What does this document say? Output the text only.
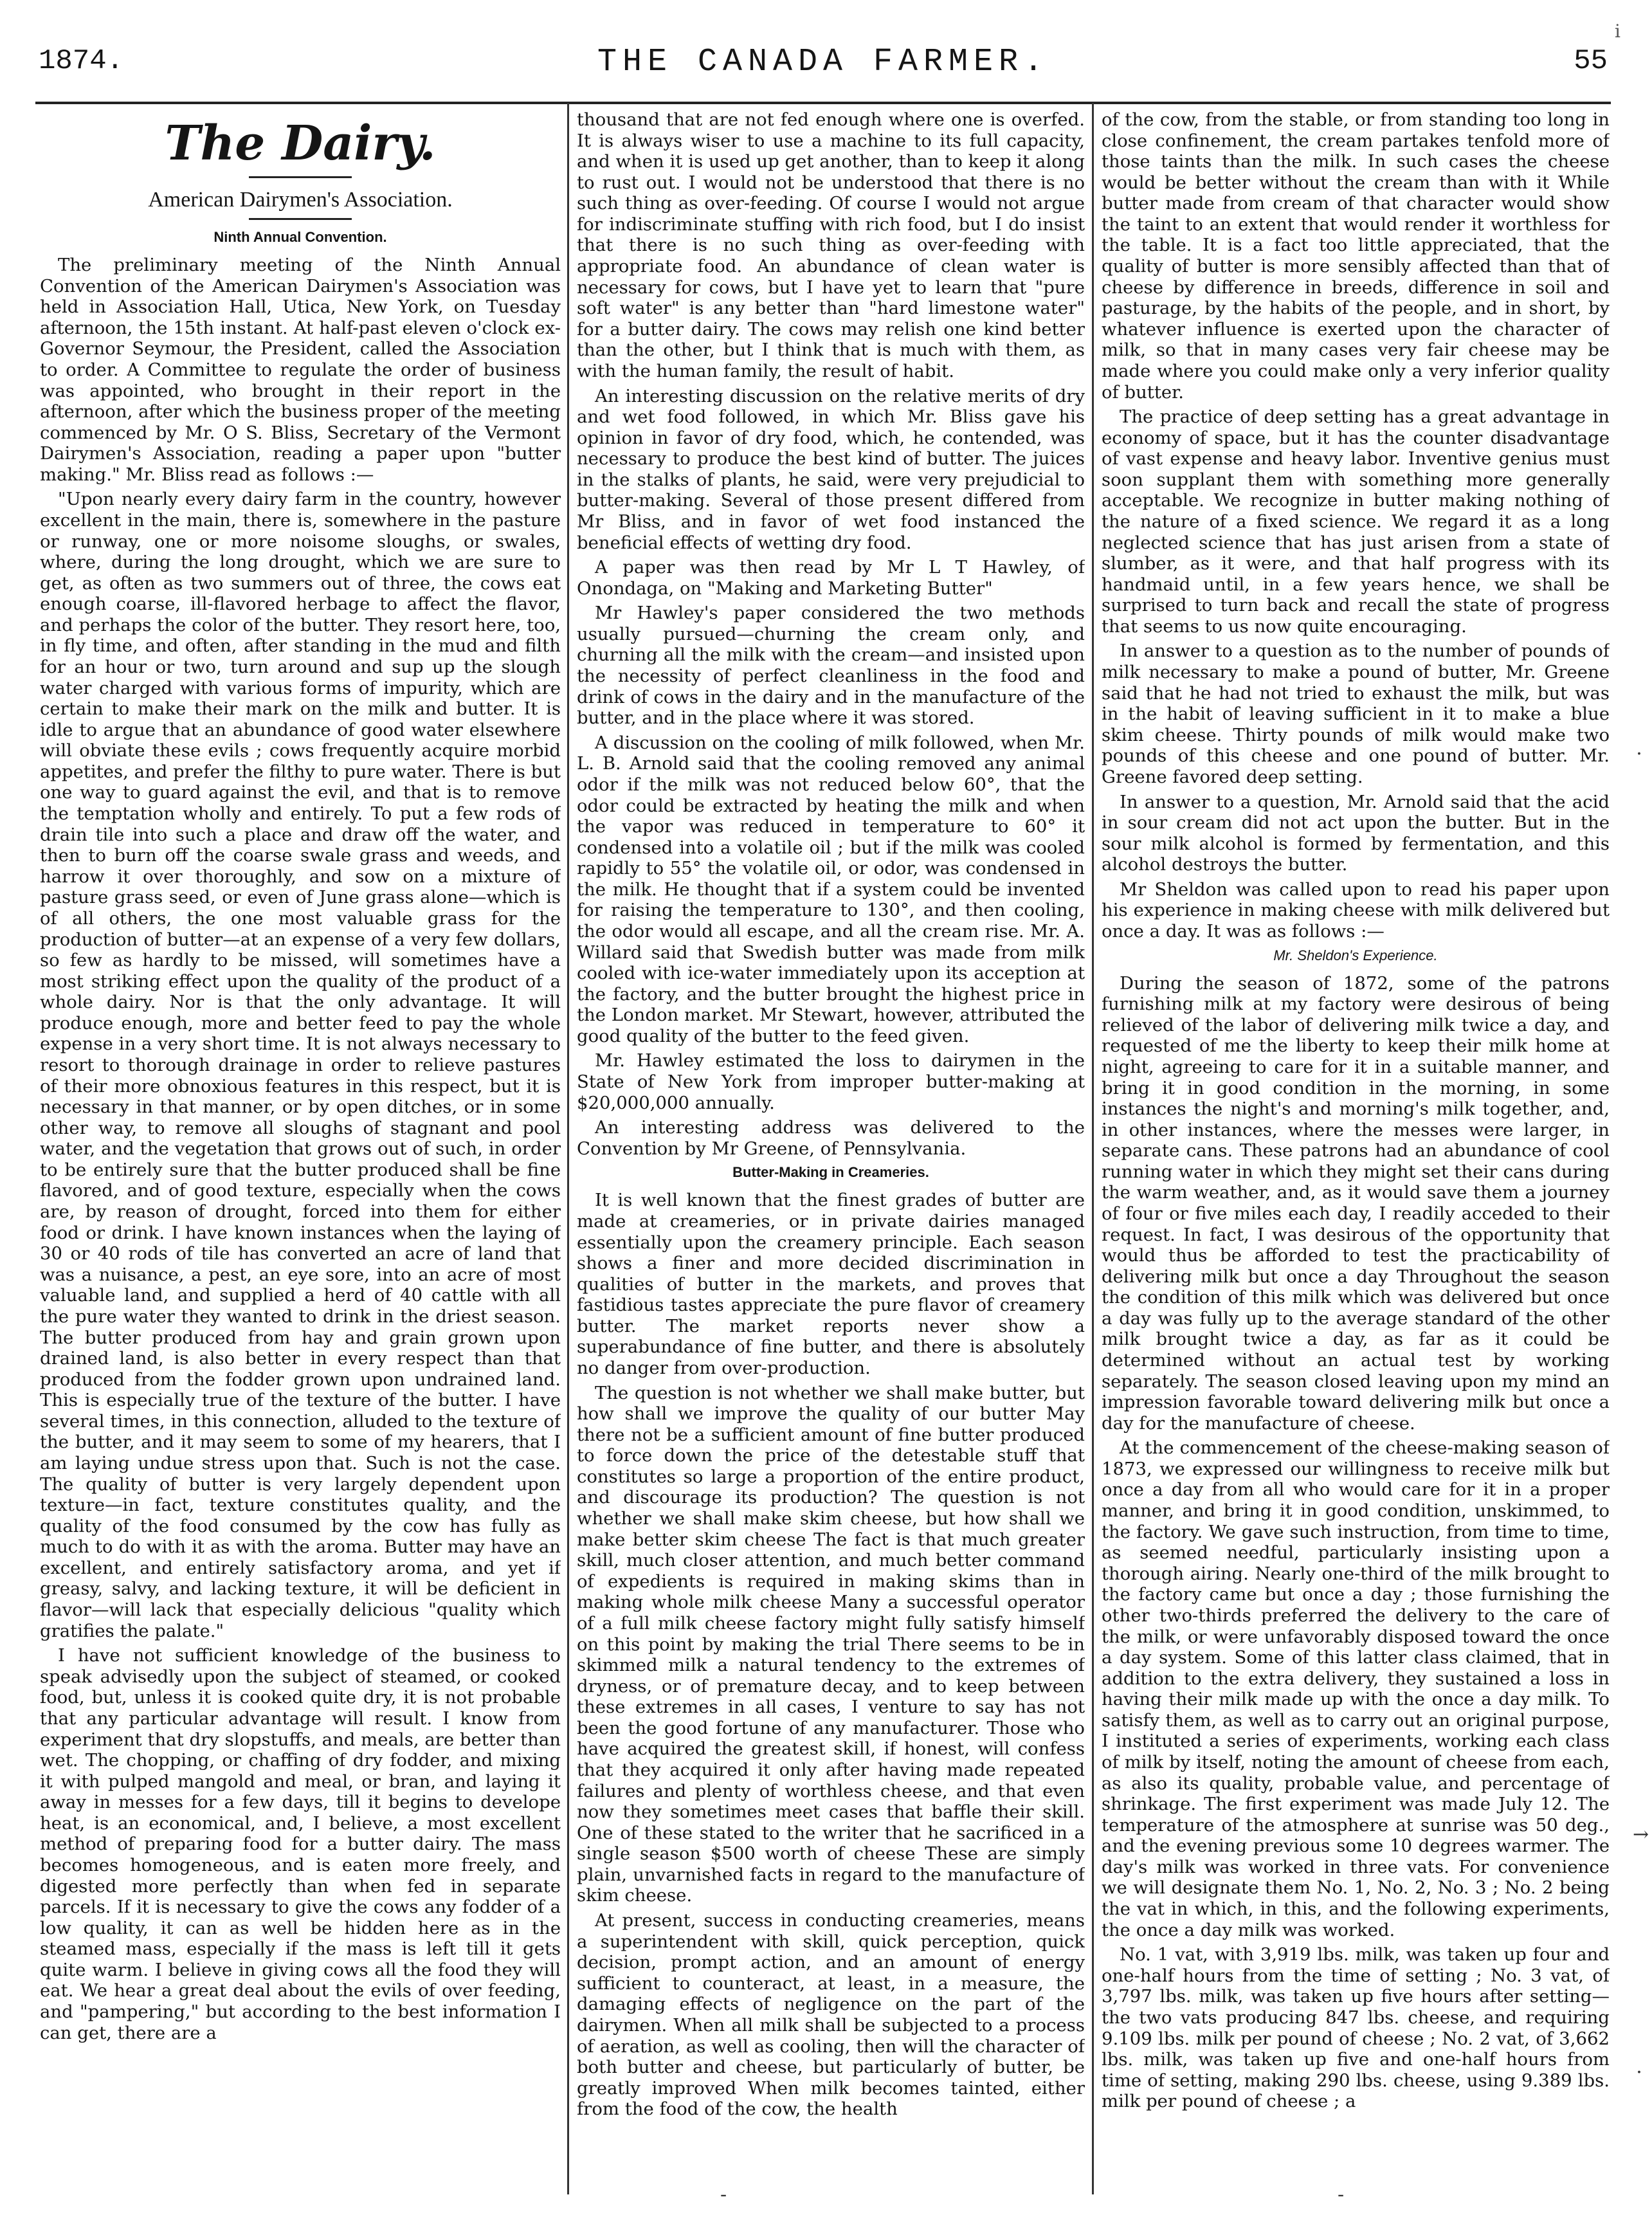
1874.	THE CANADA FARMER.	55
i
The Dairy.
American Dairymen's Association.
Ninth Annual Convention.

The preliminary meeting of the Ninth Annual Convention of the American Dairymen's Association was held in Association Hall, Utica, New York, on Tuesday afternoon, the 15th instant. At half-past eleven o'clock ex-Governor Seymour, the President, called the Association to order. A Committee to regulate the order of business was appointed, who brought in their report in the afternoon, after which the business proper of the meeting commenced by Mr. O S. Bliss, Secretary of the Vermont Dairymen's Association, reading a paper upon "butter making." Mr. Bliss read as follows :—

"Upon nearly every dairy farm in the country, however excellent in the main, there is, somewhere in the pasture or runway, one or more noisome sloughs, or swales, where, during the long drought, which we are sure to get, as often as two summers out of three, the cows eat enough coarse, ill-flavored herbage to affect the flavor, and perhaps the color of the butter. They resort here, too, in fly time, and often, after standing in the mud and filth for an hour or two, turn around and sup up the slough water charged with various forms of impurity, which are certain to make their mark on the milk and butter. It is idle to argue that an abundance of good water elsewhere will obviate these evils ; cows frequently acquire morbid appetites, and prefer the filthy to pure water. There is but one way to guard against the evil, and that is to remove the temptation wholly and entirely. To put a few rods of drain tile into such a place and draw off the water, and then to burn off the coarse swale grass and weeds, and harrow it over thoroughly, and sow on a mixture of pasture grass seed, or even of June grass alone—which is of all others, the one most valuable grass for the production of butter—at an expense of a very few dollars, so few as hardly to be missed, will sometimes have a most striking effect upon the quality of the product of a whole dairy. Nor is that the only advantage. It will produce enough, more and better feed to pay the whole expense in a very short time. It is not always necessary to resort to thorough drainage in order to relieve pastures of their more obnoxious features in this respect, but it is necessary in that manner, or by open ditches, or in some other way, to remove all sloughs of stagnant and pool water, and the vegetation that grows out of such, in order to be entirely sure that the butter produced shall be fine flavored, and of good texture, especially when the cows are, by reason of drought, forced into them for either food or drink. I have known instances when the laying of 30 or 40 rods of tile has converted an acre of land that was a nuisance, a pest, an eye sore, into an acre of most valuable land, and supplied a herd of 40 cattle with all the pure water they wanted to drink in the driest season. The butter produced from hay and grain grown upon drained land, is also better in every respect than that produced from the fodder grown upon undrained land. This is especially true of the texture of the butter. I have several times, in this connection, alluded to the texture of the butter, and it may seem to some of my hearers, that I am laying undue stress upon that. Such is not the case. The quality of butter is very largely dependent upon texture—in fact, texture constitutes quality, and the quality of the food consumed by the cow has fully as much to do with it as with the aroma. Butter may have an excellent, and entirely satisfactory aroma, and yet if greasy, salvy, and lacking texture, it will be deficient in flavor—will lack that especially delicious "quality which gratifies the palate."

I have not sufficient knowledge of the business to speak advisedly upon the subject of steamed, or cooked food, but, unless it is cooked quite dry, it is not probable that any particular advantage will result. I know from experiment that dry slopstuffs, and meals, are better than wet. The chopping, or chaffing of dry fodder, and mixing it with pulped mangold and meal, or bran, and laying it away in messes for a few days, till it begins to develope heat, is an economical, and, I believe, a most excellent method of preparing food for a butter dairy. The mass becomes homogeneous, and is eaten more freely, and digested more perfectly than when fed in separate parcels. If it is necessary to give the cows any fodder of a low quality, it can as well be hidden here as in the steamed mass, especially if the mass is left till it gets quite warm. I believe in giving cows all the food they will eat. We hear a great deal about the evils of over feeding, and "pampering," but according to the best information I can get, there are a

thousand that are not fed enough where one is overfed. It is always wiser to use a machine to its full capacity, and when it is used up get another, than to keep it along to rust out. I would not be understood that there is no such thing as over-feeding. Of course I would not argue for indiscriminate stuffing with rich food, but I do insist that there is no such thing as over-feeding with appropriate food. An abundance of clean water is necessary for cows, but I have yet to learn that "pure soft water" is any better than "hard limestone water" for a butter dairy. The cows may relish one kind better than the other, but I think that is much with them, as with the human family, the result of habit.

An interesting discussion on the relative merits of dry and wet food followed, in which Mr. Bliss gave his opinion in favor of dry food, which, he contended, was necessary to produce the best kind of butter. The juices in the stalks of plants, he said, were very prejudicial to butter-making. Several of those present differed from Mr Bliss, and in favor of wet food instanced the beneficial effects of wetting dry food.

A paper was then read by Mr L T Hawley, of Onondaga, on "Making and Marketing Butter"

Mr Hawley's paper considered the two methods usually pursued—churning the cream only, and churning all the milk with the cream—and insisted upon the necessity of perfect cleanliness in the food and drink of cows in the dairy and in the manufacture of the butter, and in the place where it was stored.

A discussion on the cooling of milk followed, when Mr. L. B. Arnold said that the cooling removed any animal odor if the milk was not reduced below 60°, that the odor could be extracted by heating the milk and when the vapor was reduced in temperature to 60° it condensed into a volatile oil ; but if the milk was cooled rapidly to 55° the volatile oil, or odor, was condensed in the milk. He thought that if a system could be invented for raising the temperature to 130°, and then cooling, the odor would all escape, and all the cream rise. Mr. A. Willard said that Swedish butter was made from milk cooled with ice-water immediately upon its acception at the factory, and the butter brought the highest price in the London market. Mr Stewart, however, attributed the good quality of the butter to the feed given.

Mr. Hawley estimated the loss to dairymen in the State of New York from improper butter-making at $20,000,000 annually.

An interesting address was delivered to the Convention by Mr Greene, of Pennsylvania.

Butter-Making in Creameries.

It is well known that the finest grades of butter are made at creameries, or in private dairies managed essentially upon the creamery principle. Each season shows a finer and more decided discrimination in qualities of butter in the markets, and proves that fastidious tastes appreciate the pure flavor of creamery butter. The market reports never show a superabundance of fine butter, and there is absolutely no danger from over-production.

The question is not whether we shall make butter, but how shall we improve the quality of our butter May there not be a sufficient amount of fine butter produced to force down the price of the detestable stuff that constitutes so large a proportion of the entire product, and discourage its production? The question is not whether we shall make skim cheese, but how shall we make better skim cheese The fact is that much greater skill, much closer attention, and much better command of expedients is required in making skims than in making whole milk cheese Many a successful operator of a full milk cheese factory might fully satisfy himself on this point by making the trial There seems to be in skimmed milk a natural tendency to the extremes of dryness, or of premature decay, and to keep between these extremes in all cases, I venture to say has not been the good fortune of any manufacturer. Those who have acquired the greatest skill, if honest, will confess that they acquired it only after having made repeated failures and plenty of worthless cheese, and that even now they sometimes meet cases that baffle their skill. One of these stated to the writer that he sacrificed in a single season $500 worth of cheese These are simply plain, unvarnished facts in regard to the manufacture of skim cheese.

At present, success in conducting creameries, means a superintendent with skill, quick perception, quick decision, prompt action, and an amount of energy sufficient to counteract, at least, in a measure, the damaging effects of negligence on the part of the dairymen. When all milk shall be subjected to a process of aeration, as well as cooling, then will the character of both butter and cheese, but particularly of butter, be greatly improved When milk becomes tainted, either from the food of the cow, the health

of the cow, from the stable, or from standing too long in close confinement, the cream partakes tenfold more of those taints than the milk. In such cases the cheese would be better without the cream than with it While butter made from cream of that character would show the taint to an extent that would render it worthless for the table. It is a fact too little appreciated, that the quality of butter is more sensibly affected than that of cheese by difference in breeds, difference in soil and pasturage, by the habits of the people, and in short, by whatever influence is exerted upon the character of milk, so that in many cases very fair cheese may be made where you could make only a very inferior quality of butter.

The practice of deep setting has a great advantage in economy of space, but it has the counter disadvantage of vast expense and heavy labor. Inventive genius must soon supplant them with something more generally acceptable. We recognize in butter making nothing of the nature of a fixed science. We regard it as a long neglected science that has just arisen from a state of slumber, as it were, and that half progress with its handmaid until, in a few years hence, we shall be surprised to turn back and recall the state of progress that seems to us now quite encouraging.

In answer to a question as to the number of pounds of milk necessary to make a pound of butter, Mr. Greene said that he had not tried to exhaust the milk, but was in the habit of leaving sufficient in it to make a blue skim cheese. Thirty pounds of milk would make two pounds of this cheese and one pound of butter. Mr. Greene favored deep setting.

In answer to a question, Mr. Arnold said that the acid in sour cream did not act upon the butter. But in the sour milk alcohol is formed by fermentation, and this alcohol destroys the butter.

Mr Sheldon was called upon to read his paper upon his experience in making cheese with milk delivered but once a day. It was as follows :—

Mr. Sheldon's Experience.

During the season of 1872, some of the patrons furnishing milk at my factory were desirous of being relieved of the labor of delivering milk twice a day, and requested of me the liberty to keep their milk home at night, agreeing to care for it in a suitable manner, and bring it in good condition in the morning, in some instances the night's and morning's milk together, and, in other instances, where the messes were larger, in separate cans. These patrons had an abundance of cool running water in which they might set their cans during the warm weather, and, as it would save them a journey of four or five miles each day, I readily acceded to their request. In fact, I was desirous of the opportunity that would thus be afforded to test the practicability of delivering milk but once a day Throughout the season the condition of this milk which was delivered but once a day was fully up to the average standard of the other milk brought twice a day, as far as it could be determined without an actual test by working separately. The season closed leaving upon my mind an impression favorable toward delivering milk but once a day for the manufacture of cheese.

At the commencement of the cheese-making season of 1873, we expressed our willingness to receive milk but once a day from all who would care for it in a proper manner, and bring it in good condition, unskimmed, to the factory. We gave such instruction, from time to time, as seemed needful, particularly insisting upon a thorough airing. Nearly one-third of the milk brought to the factory came but once a day ; those furnishing the other two-thirds preferred the delivery to the care of the milk, or were unfavorably disposed toward the once a day system. Some of this latter class claimed, that in addition to the extra delivery, they sustained a loss in having their milk made up with the once a day milk. To satisfy them, as well as to carry out an original purpose, I instituted a series of experiments, working each class of milk by itself, noting the amount of cheese from each, as also its quality, probable value, and percentage of shrinkage. The first experiment was made July 12. The temperature of the atmosphere at sunrise was 50 deg., and the evening previous some 10 degrees warmer. The day's milk was worked in three vats. For convenience we will designate them No. 1, No. 2, No. 3 ; No. 2 being the vat in which, in this, and the following experiments, the once a day milk was worked.

No. 1 vat, with 3,919 lbs. milk, was taken up four and one-half hours from the time of setting ; No. 3 vat, of 3,797 lbs. milk, was taken up five hours after setting—the two vats producing 847 lbs. cheese, and requiring 9.109 lbs. milk per pound of cheese ; No. 2 vat, of 3,662 lbs. milk, was taken up five and one-half hours from time of setting, making 290 lbs. cheese, using 9.389 lbs. milk per pound of cheese ; a

·
→
·
-	-
